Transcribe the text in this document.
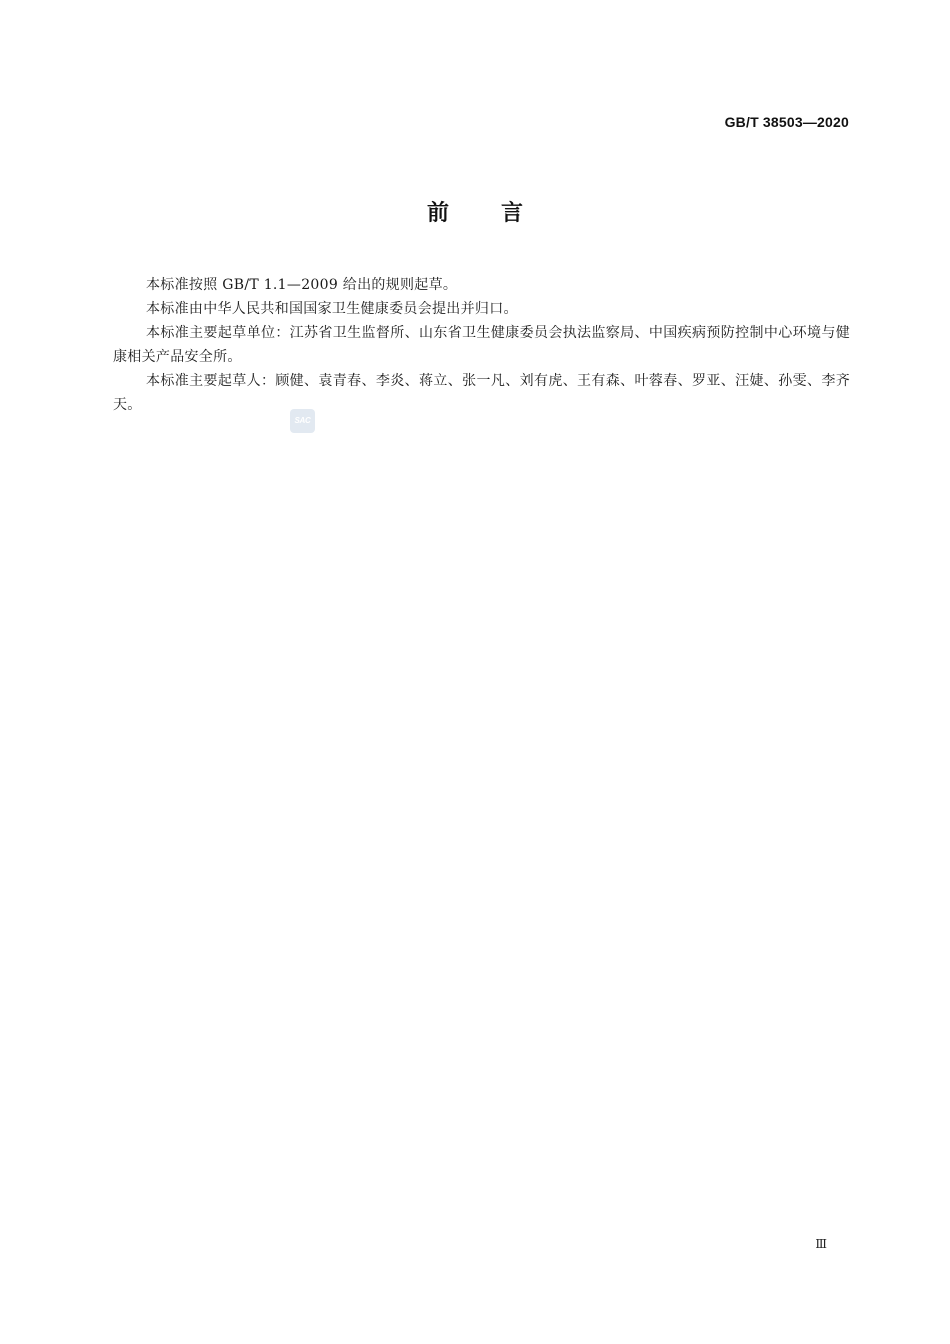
GB/T 38503—2020
前言

本标准按照 GB/T 1.1—2009 给出的规则起草。

本标准由中华人民共和国国家卫生健康委员会提出并归口。

本标准主要起草单位：江苏省卫生监督所、山东省卫生健康委员会执法监察局、中国疾病预防控制中心环境与健康相关产品安全所。

本标准主要起草人：顾健、袁青春、李炎、蒋立、张一凡、刘有虎、王有森、叶蓉春、罗亚、汪婕、孙雯、李齐天。

SAC
Ⅲ
